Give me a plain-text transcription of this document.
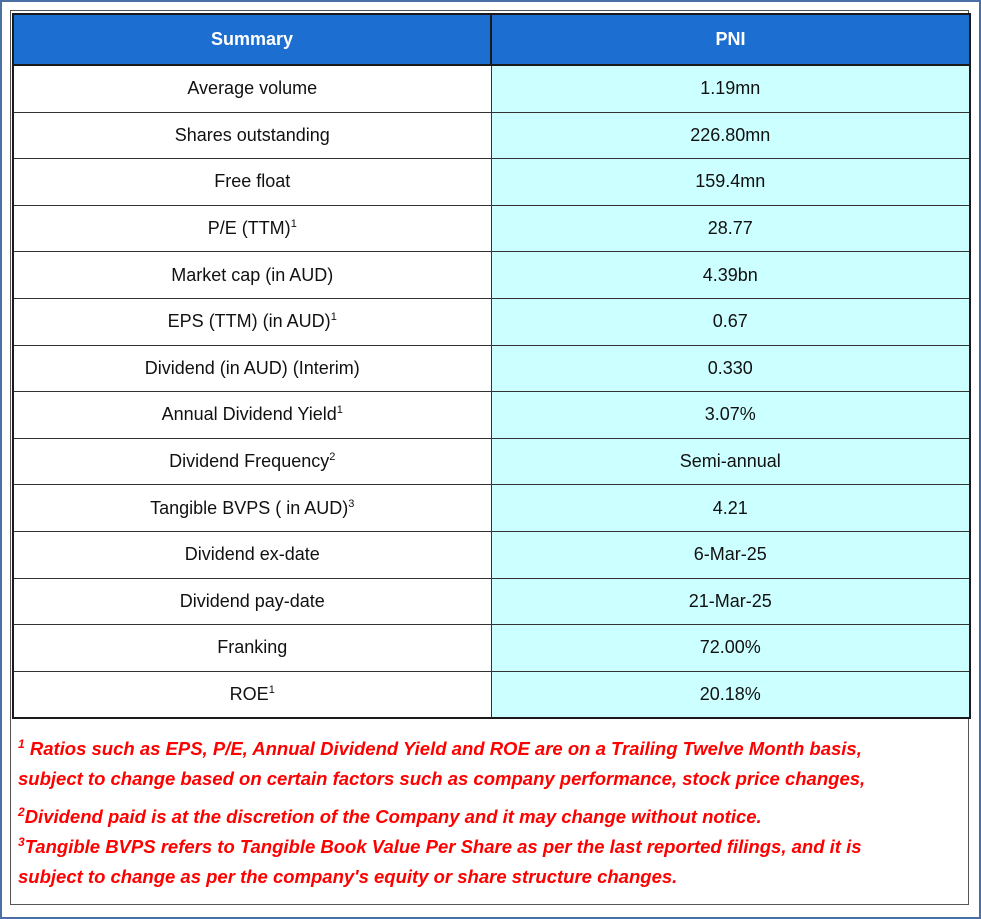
Summary	PNI
Average volume	1.19mn
Shares outstanding	226.80mn
Free float	159.4mn
P/E (TTM)$^1$	28.77
Market cap (in AUD)	4.39bn
EPS (TTM) (in AUD)$^1$	0.67
Dividend (in AUD) (Interim)	0.330
Annual Dividend Yield$^1$	3.07%
Dividend Frequency$^2$	Semi-annual
Tangible BVPS ( in AUD)$^3$	4.21
Dividend ex-date	6-Mar-25
Dividend pay-date	21-Mar-25
Franking	72.00%
ROE$^1$	20.18%

$^1$ Ratios such as EPS, P/E, Annual Dividend Yield and ROE are on a Trailing Twelve Month basis,
subject to change based on certain factors such as company performance, stock price changes,

$^2$Dividend paid is at the discretion of the Company and it may change without notice.

$^3$Tangible BVPS refers to Tangible Book Value Per Share as per the last reported filings, and it is
subject to change as per the company's equity or share structure changes.
